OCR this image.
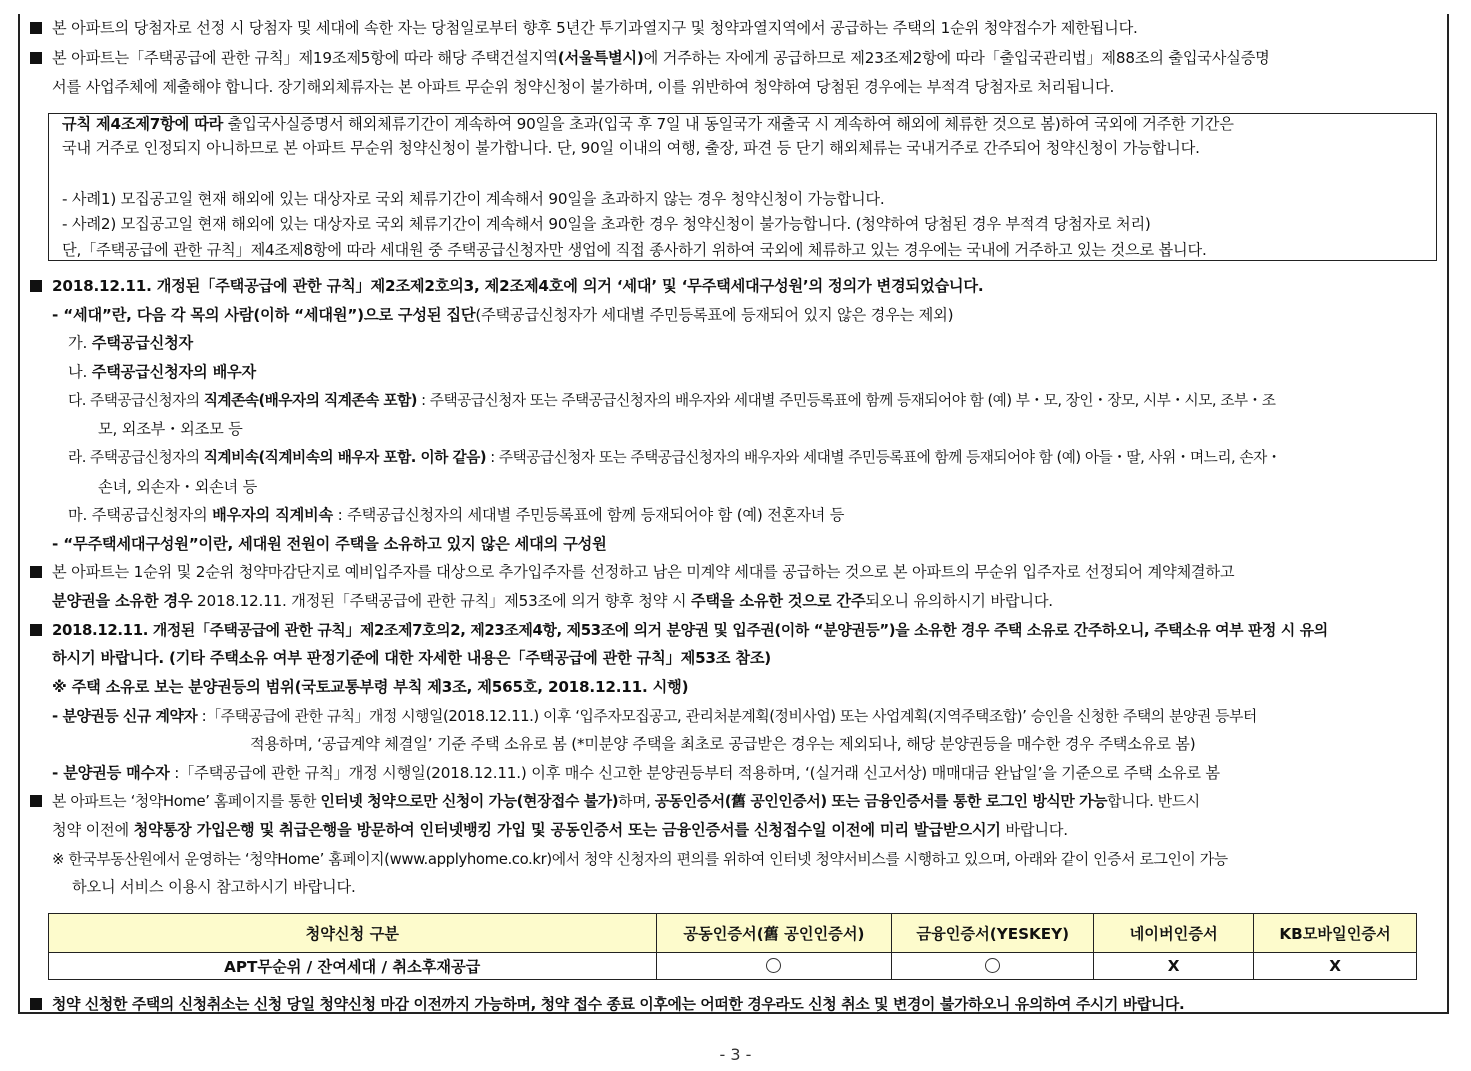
본 아파트의 당첨자로 선정 시 당첨자 및 세대에 속한 자는 당첨일로부터 향후 5년간 투기과열지구 및 청약과열지역에서 공급하는 주택의 1순위 청약접수가 제한됩니다.
본 아파트는「주택공급에 관한 규칙」제19조제5항에 따라 해당 주택건설지역(서울특별시)에 거주하는 자에게 공급하므로 제23조제2항에 따라「출입국관리법」제88조의 출입국사실증명
서를 사업주체에 제출해야 합니다. 장기해외체류자는 본 아파트 무순위 청약신청이 불가하며, 이를 위반하여 청약하여 당첨된 경우에는 부적격 당첨자로 처리됩니다.
규칙 제4조제7항에 따라 출입국사실증명서 해외체류기간이 계속하여 90일을 초과(입국 후 7일 내 동일국가 재출국 시 계속하여 해외에 체류한 것으로 봄)하여 국외에 거주한 기간은
국내 거주로 인정되지 아니하므로 본 아파트 무순위 청약신청이 불가합니다. 단, 90일 이내의 여행, 출장, 파견 등 단기 해외체류는 국내거주로 간주되어 청약신청이 가능합니다.
- 사례1) 모집공고일 현재 해외에 있는 대상자로 국외 체류기간이 계속해서 90일을 초과하지 않는 경우 청약신청이 가능합니다.
- 사례2) 모집공고일 현재 해외에 있는 대상자로 국외 체류기간이 계속해서 90일을 초과한 경우 청약신청이 불가능합니다. (청약하여 당첨된 경우 부적격 당첨자로 처리)
단,「주택공급에 관한 규칙」제4조제8항에 따라 세대원 중 주택공급신청자만 생업에 직접 종사하기 위하여 국외에 체류하고 있는 경우에는 국내에 거주하고 있는 것으로 봅니다.
2018.12.11. 개정된「주택공급에 관한 규칙」제2조제2호의3, 제2조제4호에 의거 ‘세대’ 및 ‘무주택세대구성원’의 정의가 변경되었습니다.
- “세대”란, 다음 각 목의 사람(이하 “세대원”)으로 구성된 집단(주택공급신청자가 세대별 주민등록표에 등재되어 있지 않은 경우는 제외)
가. 주택공급신청자
나. 주택공급신청자의 배우자
다. 주택공급신청자의 직계존속(배우자의 직계존속 포함) : 주택공급신청자 또는 주택공급신청자의 배우자와 세대별 주민등록표에 함께 등재되어야 함 (예) 부・모, 장인・장모, 시부・시모, 조부・조
모, 외조부・외조모 등
라. 주택공급신청자의 직계비속(직계비속의 배우자 포함. 이하 같음) : 주택공급신청자 또는 주택공급신청자의 배우자와 세대별 주민등록표에 함께 등재되어야 함 (예) 아들・딸, 사위・며느리, 손자・
손녀, 외손자・외손녀 등
마. 주택공급신청자의 배우자의 직계비속 : 주택공급신청자의 세대별 주민등록표에 함께 등재되어야 함 (예) 전혼자녀 등
- “무주택세대구성원”이란, 세대원 전원이 주택을 소유하고 있지 않은 세대의 구성원
본 아파트는 1순위 및 2순위 청약마감단지로 예비입주자를 대상으로 추가입주자를 선정하고 남은 미계약 세대를 공급하는 것으로 본 아파트의 무순위 입주자로 선정되어 계약체결하고
분양권을 소유한 경우 2018.12.11. 개정된「주택공급에 관한 규칙」제53조에 의거 향후 청약 시 주택을 소유한 것으로 간주되오니 유의하시기 바랍니다.
2018.12.11. 개정된「주택공급에 관한 규칙」제2조제7호의2, 제23조제4항, 제53조에 의거 분양권 및 입주권(이하 “분양권등”)을 소유한 경우 주택 소유로 간주하오니, 주택소유 여부 판정 시 유의
하시기 바랍니다. (기타 주택소유 여부 판정기준에 대한 자세한 내용은「주택공급에 관한 규칙」제53조 참조)
※ 주택 소유로 보는 분양권등의 범위(국토교통부령 부칙 제3조, 제565호, 2018.12.11. 시행)
- 분양권등 신규 계약자 :「주택공급에 관한 규칙」개정 시행일(2018.12.11.) 이후 ‘입주자모집공고, 관리처분계획(정비사업) 또는 사업계획(지역주택조합)’ 승인을 신청한 주택의 분양권 등부터
적용하며, ‘공급계약 체결일’ 기준 주택 소유로 봄 (*미분양 주택을 최초로 공급받은 경우는 제외되나, 해당 분양권등을 매수한 경우 주택소유로 봄)
- 분양권등 매수자 :「주택공급에 관한 규칙」개정 시행일(2018.12.11.) 이후 매수 신고한 분양권등부터 적용하며, ‘(실거래 신고서상) 매매대금 완납일’을 기준으로 주택 소유로 봄
본 아파트는 ‘청약Home’ 홈페이지를 통한 인터넷 청약으로만 신청이 가능(현장접수 불가)하며, 공동인증서(舊 공인인증서) 또는 금융인증서를 통한 로그인 방식만 가능합니다. 반드시
청약 이전에 청약통장 가입은행 및 취급은행을 방문하여 인터넷뱅킹 가입 및 공동인증서 또는 금융인증서를 신청접수일 이전에 미리 발급받으시기 바랍니다.
※ 한국부동산원에서 운영하는 ‘청약Home’ 홈페이지(www.applyhome.co.kr)에서 청약 신청자의 편의를 위하여 인터넷 청약서비스를 시행하고 있으며, 아래와 같이 인증서 로그인이 가능
하오니 서비스 이용시 참고하시기 바랍니다.
청약신청 구분	공동인증서(舊 공인인증서)	금융인증서(YESKEY)	네이버인증서	KB모바일인증서
APT무순위 / 잔여세대 / 취소후재공급			X	X
청약 신청한 주택의 신청취소는 신청 당일 청약신청 마감 이전까지 가능하며, 청약 접수 종료 이후에는 어떠한 경우라도 신청 취소 및 변경이 불가하오니 유의하여 주시기 바랍니다.
- 3 -
